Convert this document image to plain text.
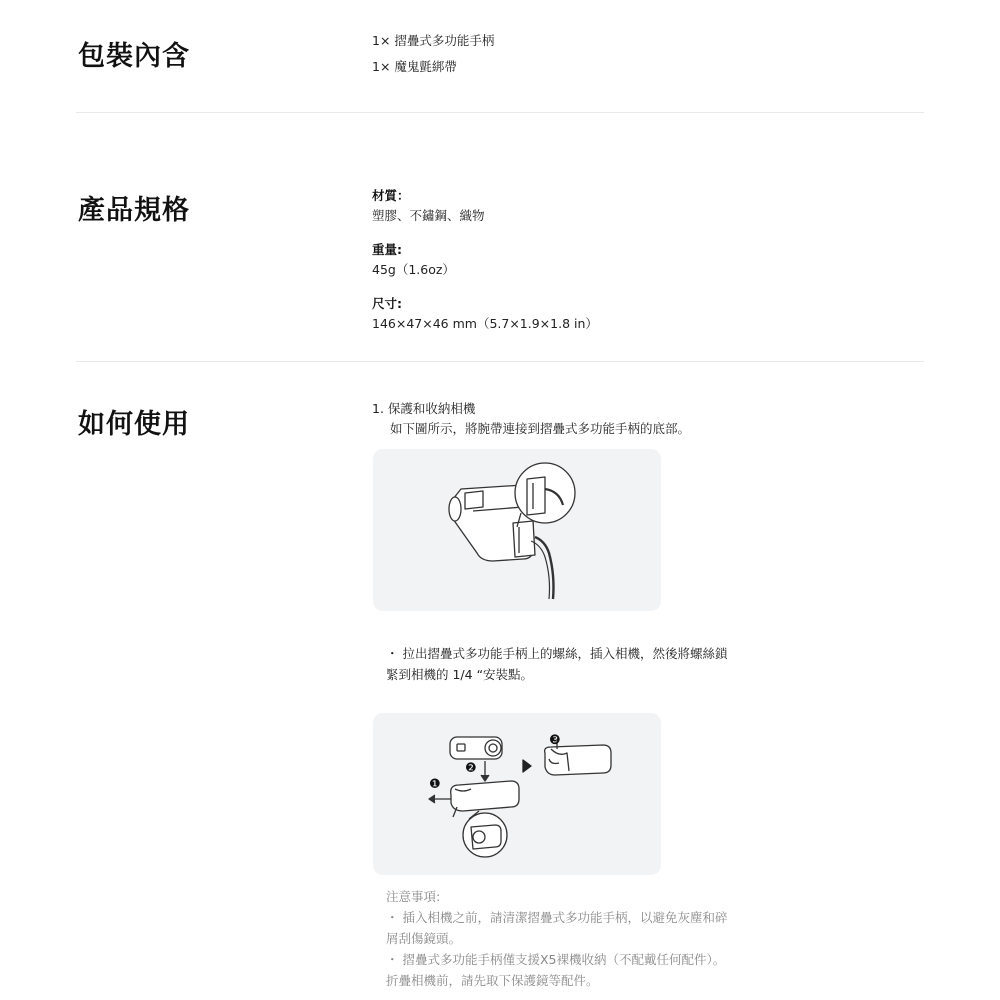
包裝內含
1× 摺疊式多功能手柄
1× 魔鬼氈綁帶
產品規格	材質：
塑膠、不鏽鋼、織物
重量:
45g（1.6oz）
尺寸:
146×47×46 mm（5.7×1.9×1.8 in）
如何使用
1. 保護和收納相機
如下圖所示，將腕帶連接到摺疊式多功能手柄的底部。
・ 拉出摺疊式多功能手柄上的螺絲，插入相機，然後將螺絲鎖
緊到相機的 1/4 “安裝點。
❶
❷
❸
注意事項:
・ 插入相機之前，請清潔摺疊式多功能手柄，以避免灰塵和碎
屑刮傷鏡頭。
・ 摺疊式多功能手柄僅支援X5裸機收納（不配戴任何配件）。
折疊相機前，請先取下保護鏡等配件。
